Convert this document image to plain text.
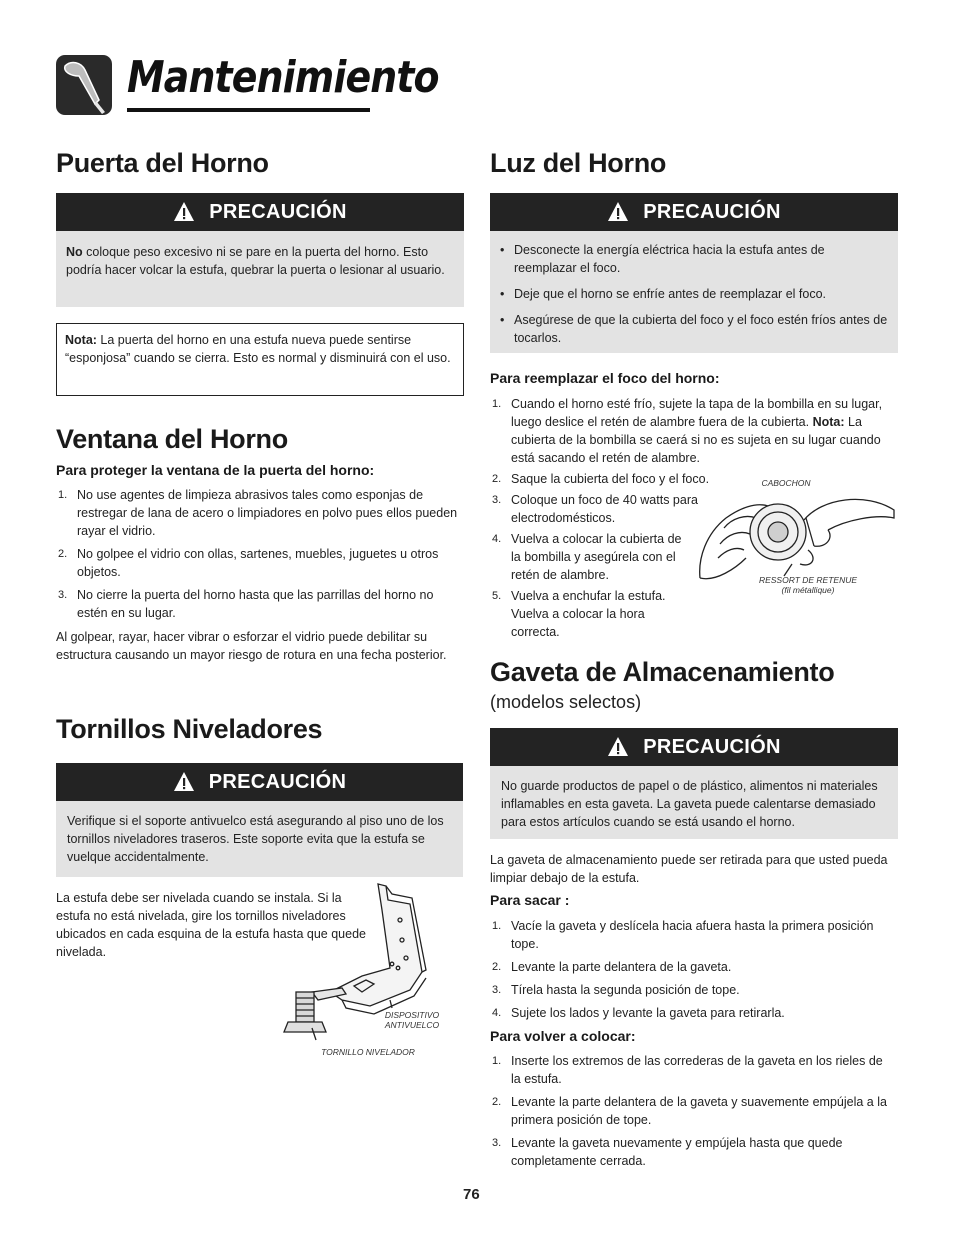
Mantenimiento
Puerta del Horno
PRECAUCIÓN
No coloque peso excesivo ni se pare en la puerta del horno. Esto podría hacer volcar la estufa, quebrar la puerta o lesionar al usuario.
Nota: La puerta del horno en una estufa nueva puede sentirse “esponjosa” cuando se cierra. Esto es normal y disminuirá con el uso.
Ventana del Horno
Para proteger la ventana de la puerta del horno:
1. No use agentes de limpieza abrasivos tales como esponjas de restregar de lana de acero o limpiadores en polvo pues ellos pueden rayar el vidrio.
2. No golpee el vidrio con ollas, sartenes, muebles, juguetes u otros objetos.
3. No cierre la puerta del horno hasta que las parrillas del horno no estén en su lugar.
Al golpear, rayar, hacer vibrar o esforzar el vidrio puede debilitar su estructura causando un mayor riesgo de rotura en una fecha posterior.
Tornillos Niveladores
PRECAUCIÓN
Verifique si el soporte antivuelco está asegurando al piso uno de los tornillos niveladores traseros. Este soporte evita que la estufa se vuelque accidentalmente.
La estufa debe ser nivelada cuando se instala. Si la estufa no está nivelada, gire los tornillos niveladores ubicados en cada esquina de la estufa hasta que quede nivelada.
DISPOSITIVO
ANTIVUELCO
TORNILLO NIVELADOR
Luz del Horno
PRECAUCIÓN
• Desconecte la energía eléctrica hacia la estufa antes de reemplazar el foco.
• Deje que el horno se enfríe antes de reemplazar el foco.
• Asegúrese de que la cubierta del foco y el foco estén fríos antes de tocarlos.
Para reemplazar el foco del horno:
1. Cuando el horno esté frío, sujete la tapa de la bombilla en su lugar, luego deslice el retén de alambre fuera de la cubierta. Nota: La cubierta de la bombilla se caerá si no es sujeta en su lugar cuando está sacando el retén de alambre.
2. Saque la cubierta del foco y el foco.
3. Coloque un foco de 40 watts para electrodomésticos.
4. Vuelva a colocar la cubierta de la bombilla y asegúrela con el retén de alambre.
5. Vuelva a enchufar la estufa. Vuelva a colocar la hora correcta.
CABOCHON
RESSORT DE RETENUE
(fil métallique)
Gaveta de Almacenamiento
(modelos selectos)
PRECAUCIÓN
No guarde productos de papel o de plástico, alimentos ni materiales inflamables en esta gaveta. La gaveta puede calentarse demasiado para estos artículos cuando se está usando el horno.
La gaveta de almacenamiento puede ser retirada para que usted pueda limpiar debajo de la estufa.
Para sacar :
1. Vacíe la gaveta y deslícela hacia afuera hasta la primera posición tope.
2. Levante la parte delantera de la gaveta.
3. Tírela hasta la segunda posición de tope.
4. Sujete los lados y levante la gaveta para retirarla.
Para volver a colocar:
1. Inserte los extremos de las correderas de la gaveta en los rieles de la estufa.
2. Levante la parte delantera de la gaveta y suavemente empújela a la primera posición de tope.
3. Levante la gaveta nuevamente y empújela hasta que quede completamente cerrada.
76
